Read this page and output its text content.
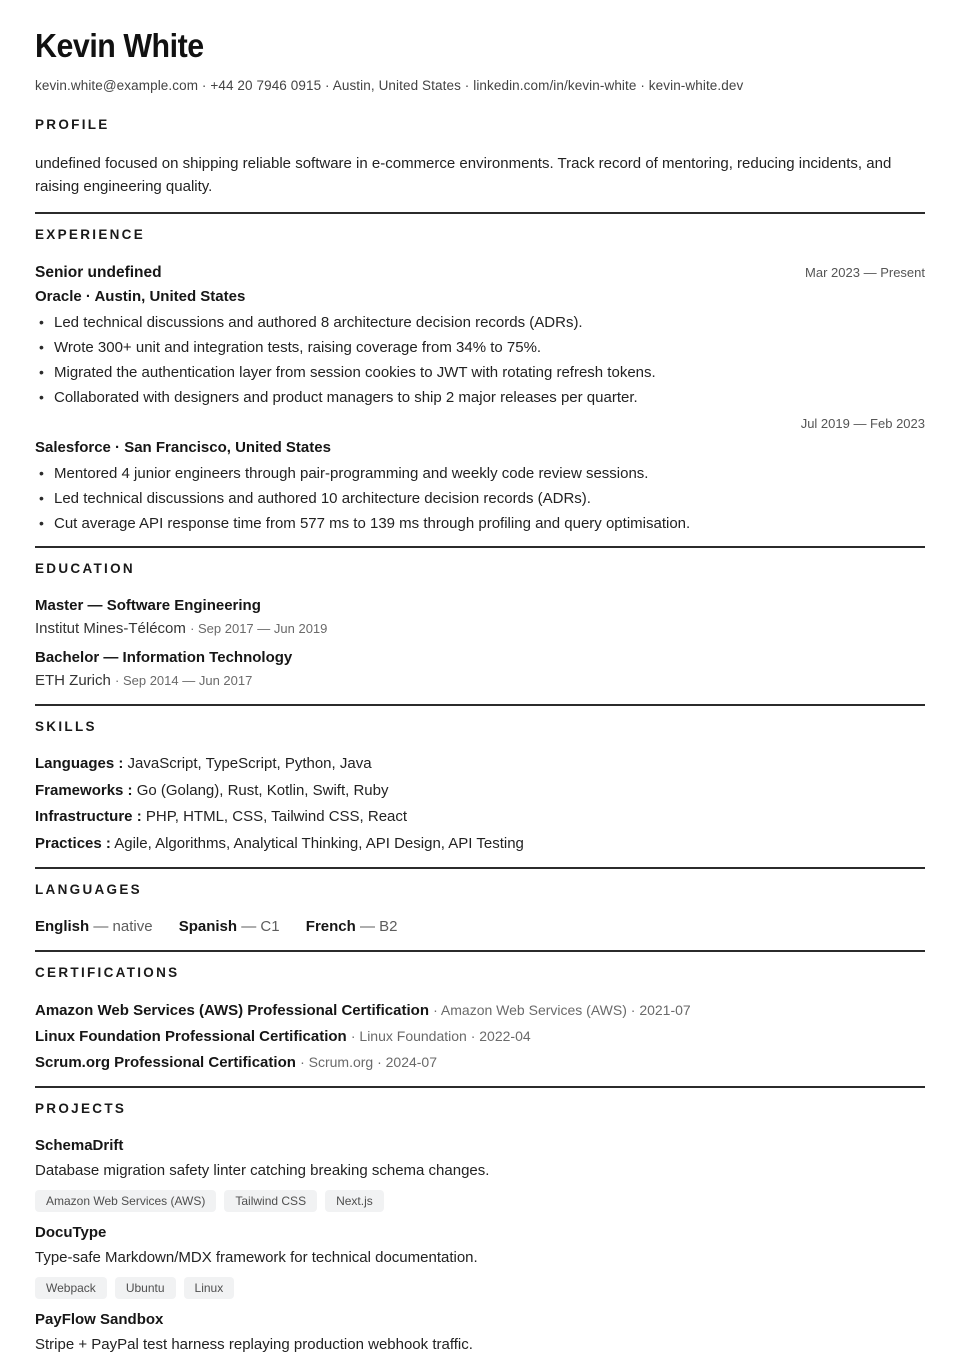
Kevin White
kevin.white@example.com · +44 20 7946 0915 · Austin, United States · linkedin.com/in/kevin-white · kevin-white.dev
PROFILE

undefined focused on shipping reliable software in e-commerce environments. Track record of mentoring, reducing incidents, and raising engineering quality.

EXPERIENCE
Senior undefined	Mar 2023 — Present
Oracle · Austin, United States
• Led technical discussions and authored 8 architecture decision records (ADRs).
• Wrote 300+ unit and integration tests, raising coverage from 34% to 75%.
• Migrated the authentication layer from session cookies to JWT with rotating refresh tokens.
• Collaborated with designers and product managers to ship 2 major releases per quarter.
Jul 2019 — Feb 2023
Salesforce · San Francisco, United States
• Mentored 4 junior engineers through pair-programming and weekly code review sessions.
• Led technical discussions and authored 10 architecture decision records (ADRs).
• Cut average API response time from 577 ms to 139 ms through profiling and query optimisation.
EDUCATION
Master — Software Engineering
Institut Mines-Télécom · Sep 2017 — Jun 2019
Bachelor — Information Technology
ETH Zurich · Sep 2014 — Jun 2017
SKILLS
Languages : JavaScript, TypeScript, Python, Java
Frameworks : Go (Golang), Rust, Kotlin, Swift, Ruby
Infrastructure : PHP, HTML, CSS, Tailwind CSS, React
Practices : Agile, Algorithms, Analytical Thinking, API Design, API Testing
LANGUAGES
English — native Spanish — C1 French — B2
CERTIFICATIONS
Amazon Web Services (AWS) Professional Certification · Amazon Web Services (AWS) · 2021-07
Linux Foundation Professional Certification · Linux Foundation · 2022-04
Scrum.org Professional Certification · Scrum.org · 2024-07
PROJECTS
SchemaDrift
Database migration safety linter catching breaking schema changes.
Amazon Web Services (AWS)	Tailwind CSS	Next.js
DocuType
Type-safe Markdown/MDX framework for technical documentation.
Webpack	Ubuntu	Linux
PayFlow Sandbox
Stripe + PayPal test harness replaying production webhook traffic.
